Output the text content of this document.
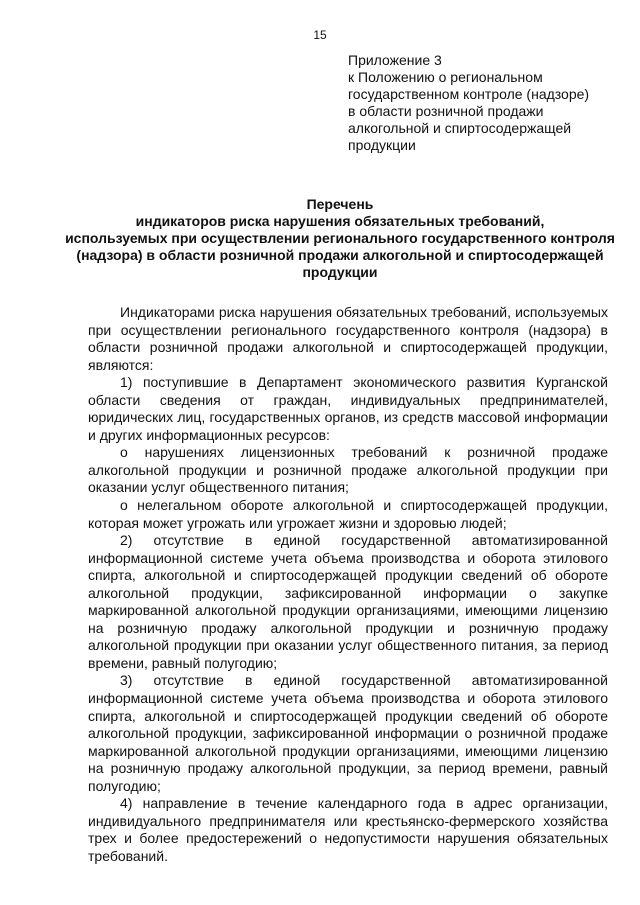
15
Приложение 3
к Положению о региональном
государственном контроле (надзоре)
в области розничной продажи
алкогольной и спиртосодержащей
продукции
Перечень
индикаторов риска нарушения обязательных требований,
используемых при осуществлении регионального государственного контроля
(надзора) в области розничной продажи алкогольной и спиртосодержащей
продукции

Индикаторами риска нарушения обязательных требований, используемых при осуществлении регионального государственного контроля (надзора) в области розничной продажи алкогольной и спиртосодержащей продукции, являются:

1) поступившие в Департамент экономического развития Курганской области сведения от граждан, индивидуальных предпринимателей, юридических лиц, государственных органов, из средств массовой информации и других информационных ресурсов:

о нарушениях лицензионных требований к розничной продаже алкогольной продукции и розничной продаже алкогольной продукции при оказании услуг общественного питания;

о нелегальном обороте алкогольной и спиртосодержащей продукции, которая может угрожать или угрожает жизни и здоровью людей;

2) отсутствие в единой государственной автоматизированной информационной системе учета объема производства и оборота этилового спирта, алкогольной и спиртосодержащей продукции сведений об обороте алкогольной продукции, зафиксированной информации о закупке маркированной алкогольной продукции организациями, имеющими лицензию на розничную продажу алкогольной продукции и розничную продажу алкогольной продукции при оказании услуг общественного питания, за период времени, равный полугодию;

3) отсутствие в единой государственной автоматизированной информационной системе учета объема производства и оборота этилового спирта, алкогольной и спиртосодержащей продукции сведений об обороте алкогольной продукции, зафиксированной информации о розничной продаже маркированной алкогольной продукции организациями, имеющими лицензию на розничную продажу алкогольной продукции, за период времени, равный полугодию;

4) направление в течение календарного года в адрес организации, индивидуального предпринимателя или крестьянско-фермерского хозяйства трех и более предостережений о недопустимости нарушения обязательных требований.
